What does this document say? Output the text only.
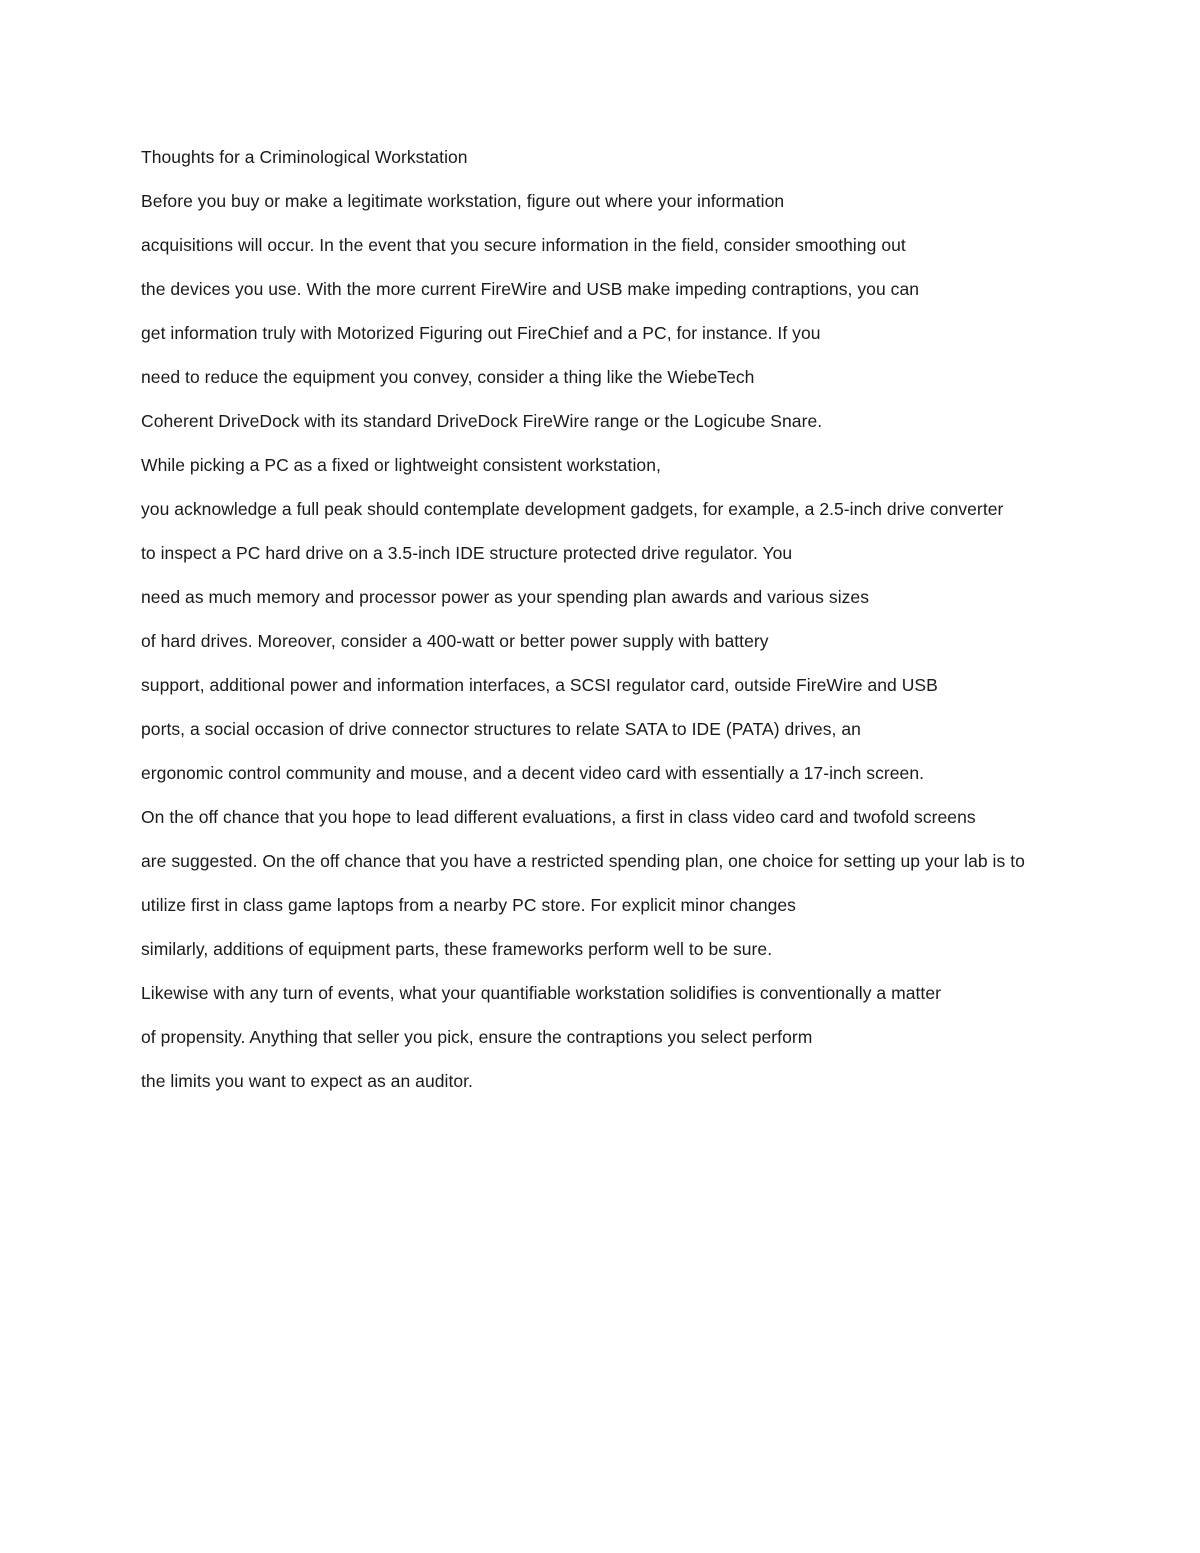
Thoughts for a Criminological Workstation
Before you buy or make a legitimate workstation, figure out where your information
acquisitions will occur. In the event that you secure information in the field, consider smoothing out
the devices you use. With the more current FireWire and USB make impeding contraptions, you can
get information truly with Motorized Figuring out FireChief and a PC, for instance. If you
need to reduce the equipment you convey, consider a thing like the WiebeTech
Coherent DriveDock with its standard DriveDock FireWire range or the Logicube Snare.
While picking a PC as a fixed or lightweight consistent workstation,
you acknowledge a full peak should contemplate development gadgets, for example, a 2.5-inch drive converter
to inspect a PC hard drive on a 3.5-inch IDE structure protected drive regulator. You
need as much memory and processor power as your spending plan awards and various sizes
of hard drives. Moreover, consider a 400-watt or better power supply with battery
support, additional power and information interfaces, a SCSI regulator card, outside FireWire and USB
ports, a social occasion of drive connector structures to relate SATA to IDE (PATA) drives, an
ergonomic control community and mouse, and a decent video card with essentially a 17-inch screen.
On the off chance that you hope to lead different evaluations, a first in class video card and twofold screens
are suggested. On the off chance that you have a restricted spending plan, one choice for setting up your lab is to
utilize first in class game laptops from a nearby PC store. For explicit minor changes
similarly, additions of equipment parts, these frameworks perform well to be sure.
Likewise with any turn of events, what your quantifiable workstation solidifies is conventionally a matter
of propensity. Anything that seller you pick, ensure the contraptions you select perform
the limits you want to expect as an auditor.
